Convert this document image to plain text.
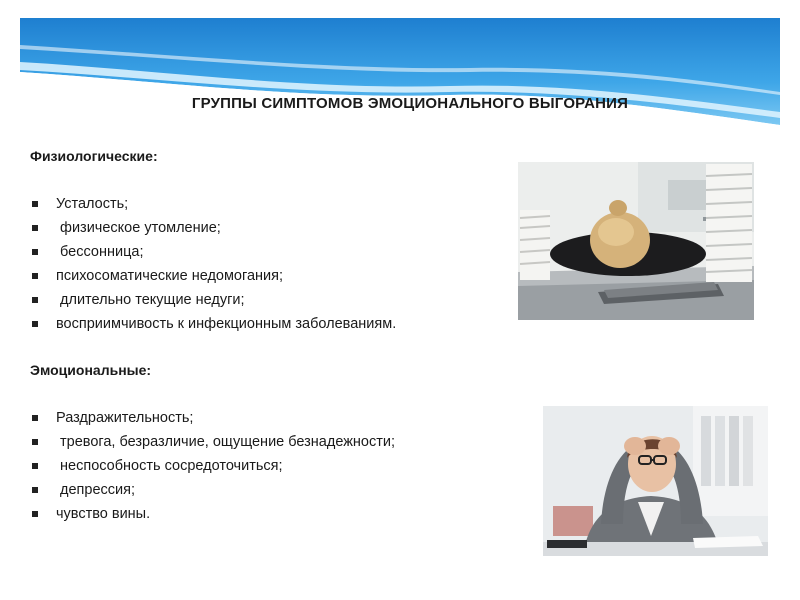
ГРУППЫ СИМПТОМОВ ЭМОЦИОНАЛЬНОГО ВЫГОРАНИЯ
Физиологические:
Усталость;
физическое утомление;
бессонница;
психосоматические недомогания;
длительно текущие недуги;
восприимчивость к инфекционным заболеваниям.
Эмоциональные:
Раздражительность;
тревога, безразличие, ощущение безнадежности;
неспособность сосредоточиться;
депрессия;
чувство вины.
